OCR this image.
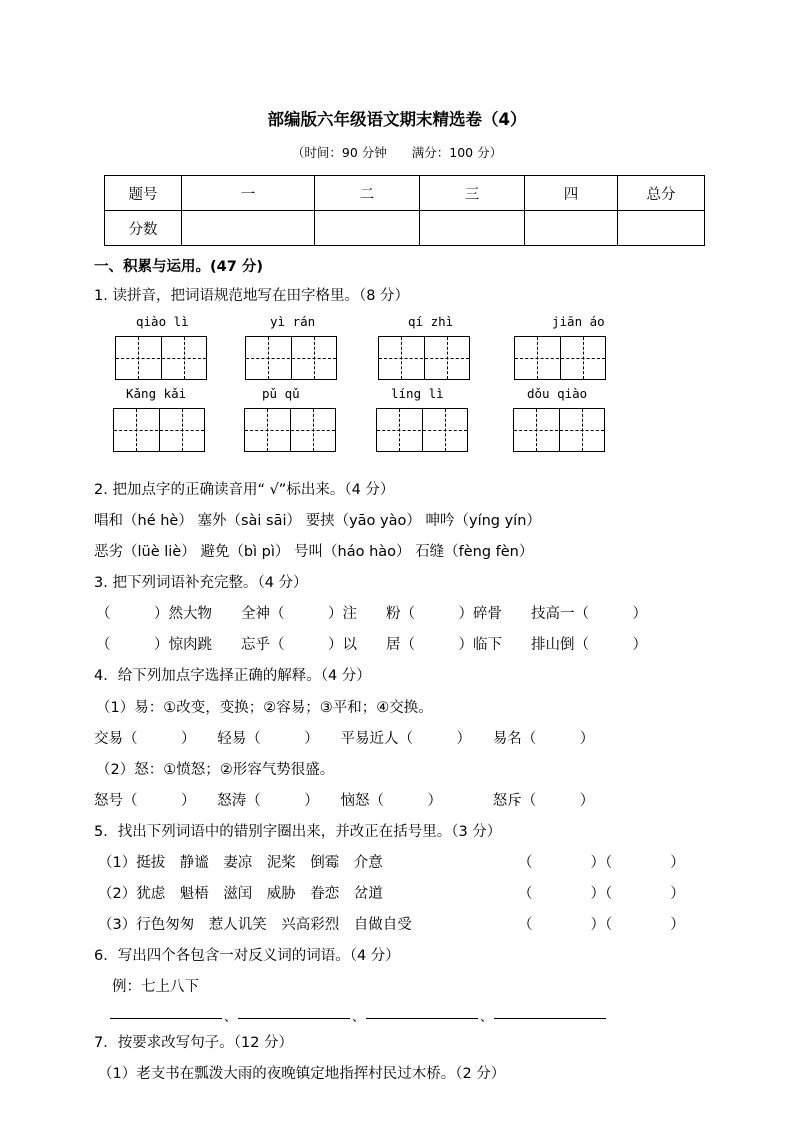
部编版六年级语文期末精选卷（4）
（时间：90 分钟　　满分：100 分）
题号	一	二	三	四	总分
分数					
一、积累与运用。(47 分)
1. 读拼音，把词语规范地写在田字格里。（8 分）
qiào lì	yì rán	qí zhì	jiān áo
Kǎng kǎi	pǔ qǔ	líng lì	dǒu qiào
2. 把加点字的正确读音用“ √”标出来。（4 分）
唱和（hé hè） 塞外（sài sāi） 要挟（yāo yào） 呻吟（yíng yín）
恶劣（lüè liè） 避免（bì pì） 号叫（háo hào） 石缝（fèng fèn）
3. 把下列词语补充完整。（4 分）
（　　　）然大物　　全神（　　　）注　　粉（　　　）碎骨　　技高一（　　　）
（　　　）惊肉跳　　忘乎（　　　）以　　居（　　　）临下　　排山倒（　　　）
4．给下列加点字选择正确的解释。（4 分）
（1）易：①改变，变换；②容易；③平和；④交换。
交易（　　　）　　轻易（　　　）　　平易近人（　　　）　　易名（　　　）
（2）怒：①愤怒；②形容气势很盛。
怒号（　　　）　　怒涛（　　　）　　恼怒（　　　）　　　　怒斥（　　　）
5．找出下列词语中的错别字圈出来，并改正在括号里。（3 分）
（1）挺拔　静谧　妻凉　泥桨　倒霉　介意	（　　　　）（　　　　）
（2）犹虑　魁梧　滋闰　威胁　眷恋　岔道	（　　　　）（　　　　）
（3）行色匆匆　惹人讥笑　兴高彩烈　自做自受	（　　　　）（　　　　）
6．写出四个各包含一对反义词的词语。（4 分）
例：七上八下
、	、	、
7．按要求改写句子。（12 分）
（1）老支书在瓢泼大雨的夜晚镇定地指挥村民过木桥。（2 分）
